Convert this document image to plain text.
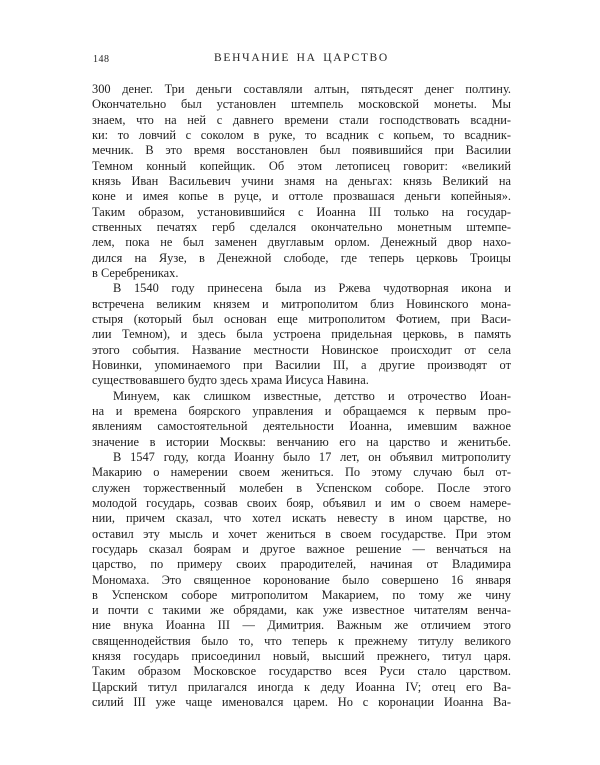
148	ВЕНЧАНИЕ НА ЦАРСТВО
300 денег. Три деньги составляли алтын, пятьдесят денег полтину.
Окончательно был установлен штемпель московской монеты. Мы
знаем, что на ней с давнего времени стали господствовать всадни-
ки: то ловчий с соколом в руке, то всадник с копьем, то всадник-
мечник. В это время восстановлен был появившийся при Василии
Темном конный копейщик. Об этом летописец говорит: «великий
князь Иван Васильевич учини знамя на деньгах: князь Великий на
коне и имея копье в руце, и оттоле прозвашася деньги копейныя».
Таким образом, установившийся с Иоанна III только на государ-
ственных печатях герб сделался окончательно монетным штемпе-
лем, пока не был заменен двуглавым орлом. Денежный двор нахо-
дился на Яузе, в Денежной слободе, где теперь церковь Троицы
в Серебрениках.
В 1540 году принесена была из Ржева чудотворная икона и
встречена великим князем и митрополитом близ Новинского мона-
стыря (который был основан еще митрополитом Фотием, при Васи-
лии Темном), и здесь была устроена придельная церковь, в память
этого события. Название местности Новинское происходит от села
Новинки, упоминаемого при Василии III, а другие производят от
существовавшего будто здесь храма Иисуса Навина.
Минуем, как слишком известные, детство и отрочество Иоан-
на и времена боярского управления и обращаемся к первым про-
явлениям самостоятельной деятельности Иоанна, имевшим важное
значение в истории Москвы: венчанию его на царство и женитьбе.
В 1547 году, когда Иоанну было 17 лет, он объявил митрополиту
Макарию о намерении своем жениться. По этому случаю был от-
служен торжественный молебен в Успенском соборе. После этого
молодой государь, созвав своих бояр, объявил и им о своем намере-
нии, причем сказал, что хотел искать невесту в ином царстве, но
оставил эту мысль и хочет жениться в своем государстве. При этом
государь сказал боярам и другое важное решение — венчаться на
царство, по примеру своих прародителей, начиная от Владимира
Мономаха. Это священное коронование было совершено 16 января
в Успенском соборе митрополитом Макарием, по тому же чину
и почти с такими же обрядами, как уже известное читателям венча-
ние внука Иоанна III — Димитрия. Важным же отличием этого
священнодействия было то, что теперь к прежнему титулу великого
князя государь присоединил новый, высший прежнего, титул царя.
Таким образом Московское государство всея Руси стало царством.
Царский титул прилагался иногда к деду Иоанна IV; отец его Ва-
силий III уже чаще именовался царем. Но с коронации Иоанна Ва-
